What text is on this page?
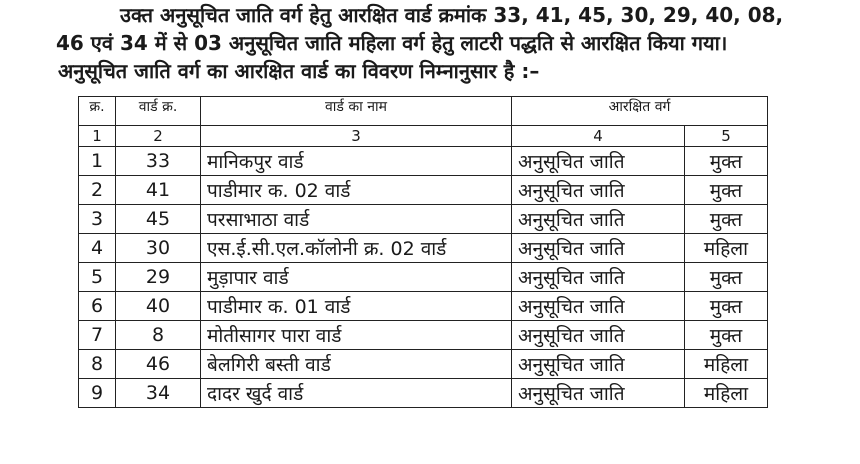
उक्त अनुसूचित जाति वर्ग हेतु आरक्षित वार्ड क्रमांक 33, 41, 45, 30, 29, 40, 08,
46 एवं 34 में से 03 अनुसूचित जाति महिला वर्ग हेतु लाटरी पद्धति से आरक्षित किया गया।
अनुसूचित जाति वर्ग का आरक्षित वार्ड का विवरण निम्नानुसार है :–
क्र.	वार्ड क्र.	वार्ड का नाम	आरक्षित वर्ग	
1	2	3	4	5
1	33	मानिकपुर वार्ड	अनुसूचित जाति	मुक्त
2	41	पाडीमार क. 02 वार्ड	अनुसूचित जाति	मुक्त
3	45	परसाभाठा वार्ड	अनुसूचित जाति	मुक्त
4	30	एस.ई.सी.एल.कॉलोनी क्र. 02 वार्ड	अनुसूचित जाति	महिला
5	29	मुड़ापार वार्ड	अनुसूचित जाति	मुक्त
6	40	पाडीमार क. 01 वार्ड	अनुसूचित जाति	मुक्त
7	8	मोतीसागर पारा वार्ड	अनुसूचित जाति	मुक्त
8	46	बेलगिरी बस्ती वार्ड	अनुसूचित जाति	महिला
9	34	दादर खुर्द वार्ड	अनुसूचित जाति	महिला
